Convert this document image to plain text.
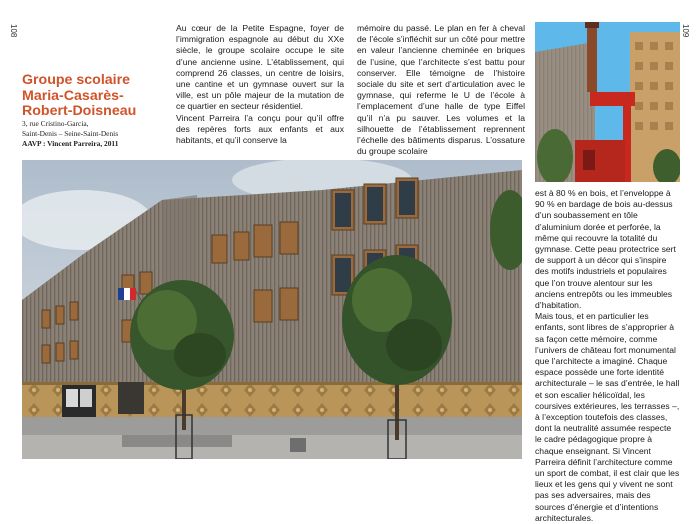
108	109
Groupe scolaire
Maria-Casarès-
Robert-Doisneau
3, rue Cristino-Garcia,
Saint-Denis – Seine-Saint-Denis
AAVP : Vincent Parreira, 2011

Au cœur de la Petite Espagne, foyer de l’immigration espagnole au début du XXe siècle, le groupe scolaire occupe le site d’une ancienne usine. L’établissement, qui comprend 26 classes, un centre de loisirs, une cantine et un gymnase ouvert sur la ville, est un pôle majeur de la mutation de ce quartier en secteur résidentiel.

Vincent Parreira l’a conçu pour qu’il offre des repères forts aux enfants et aux habitants, et qu’il conserve la

mémoire du passé. Le plan en fer à cheval de l’école s’infléchit sur un côté pour mettre en valeur l’ancienne cheminée en briques de l’usine, que l’architecte s’est battu pour conserver. Elle témoigne de l’histoire sociale du site et sert d’articulation avec le gymnase, qui referme le U de l’école à l’emplacement d’une halle de type Eiffel qu’il n’a pu sauver. Les volumes et la silhouette de l’établissement reprennent l’échelle des bâtiments disparus. L’ossature du groupe scolaire

est à 80 % en bois, et l’enveloppe à 90 % en bardage de bois au-dessus d’un soubassement en tôle d’aluminium dorée et perforée, la même qui recouvre la totalité du gymnase. Cette peau protectrice sert de support à un décor qui s’inspire des motifs industriels et populaires que l’on trouve alentour sur les anciens entrepôts ou les immeubles d’habitation.

Mais tous, et en particulier les enfants, sont libres de s’approprier à sa façon cette mémoire, comme l’univers de château fort monumental que l’architecte a imaginé. Chaque espace possède une forte identité architecturale – le sas d’entrée, le hall et son escalier hélicoïdal, les coursives extérieures, les terrasses –, à l’exception toutefois des classes, dont la neutralité assumée respecte le cadre pédagogique propre à chaque enseignant. Si Vincent Parreira définit l’architecture comme un sport de combat, il est clair que les lieux et les gens qui y vivent ne sont pas ses adversaires, mais des sources d’énergie et d’intentions architecturales.
